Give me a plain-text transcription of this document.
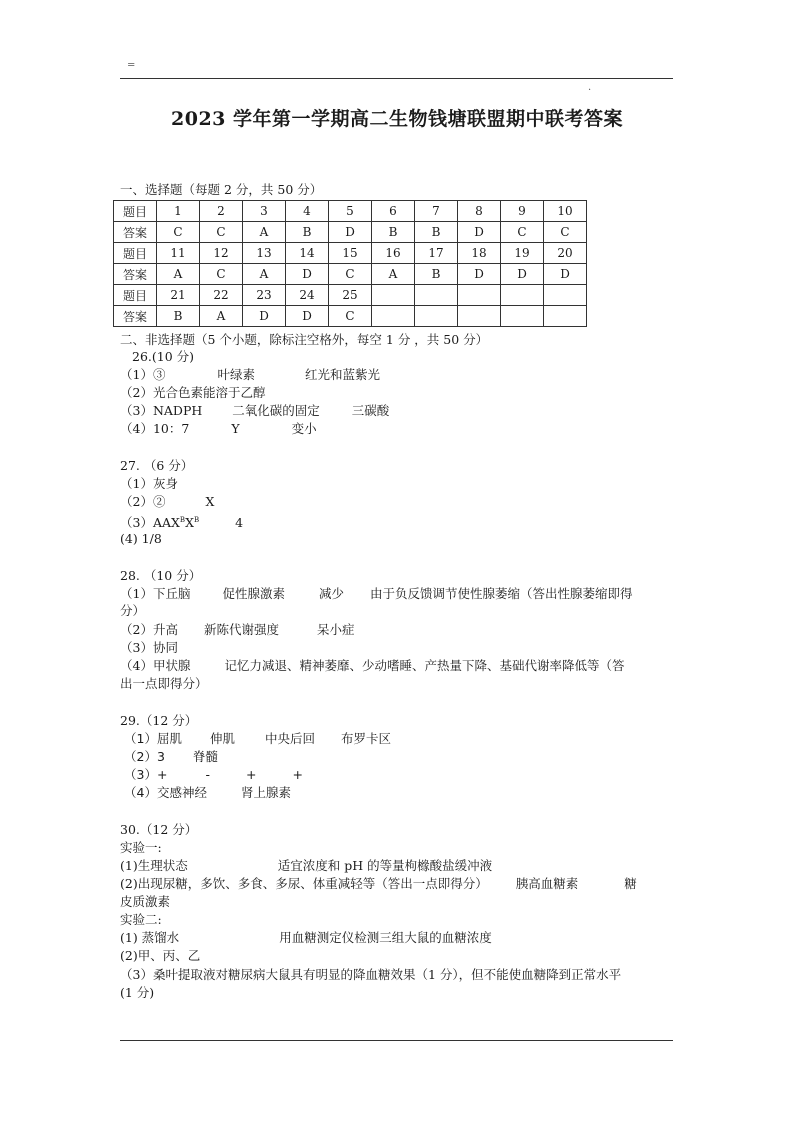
=
.
2023 学年第一学期高二生物钱塘联盟期中联考答案
一、选择题（每题 2 分，共 50 分）
题目	1	2	3	4	5	6	7	8	9	10
答案	C	C	A	B	D	B	B	D	C	C
题目	11	12	13	14	15	16	17	18	19	20
答案	A	C	A	D	C	A	B	D	D	D
题目	21	22	23	24	25					
答案	B	A	D	D	C					
二、非选择题（5 个小题，除标注空格外，每空 1 分 ，共 50 分）
26.(10 分)
（1）③	叶绿素	红光和蓝紫光
（2）光合色素能溶于乙醇
（3）NADPH 二氧化碳的固定	三碳酸
（4）10：7	Y	变小
27. （6 分）
（1）灰身
（2）②	X
$(3)AAX^BX^B$	4
(4) 1/8
28. （10 分）
（1）下丘脑	促性腺激素	减少 由于负反馈调节使性腺萎缩（答出性腺萎缩即得
分）
（2）升高 新陈代谢强度	呆小症
（3）协同
（4）甲状腺	记忆力减退、精神萎靡、少动嗜睡、产热量下降、基础代谢率降低等（答
出一点即得分）
29.（12 分）
（1）屈肌 伸肌 中央后回 布罗卡区
（2）3 脊髓
（3）+	-	+	+
（4）交感神经	肾上腺素
30.（12 分）
实验一:
(1)生理状态	适宜浓度和 pH 的等量枸橼酸盐缓冲液
(2)出现尿糖，多饮、多食、多尿、体重减轻等（答出一点即得分） 胰高血糖素	糖
皮质激素
实验二:
(1) 蒸馏水	用血糖测定仪检测三组大鼠的血糖浓度
(2)甲、丙、乙
（3）桑叶提取液对糖尿病大鼠具有明显的降血糖效果（1 分），但不能使血糖降到正常水平
(1 分)
